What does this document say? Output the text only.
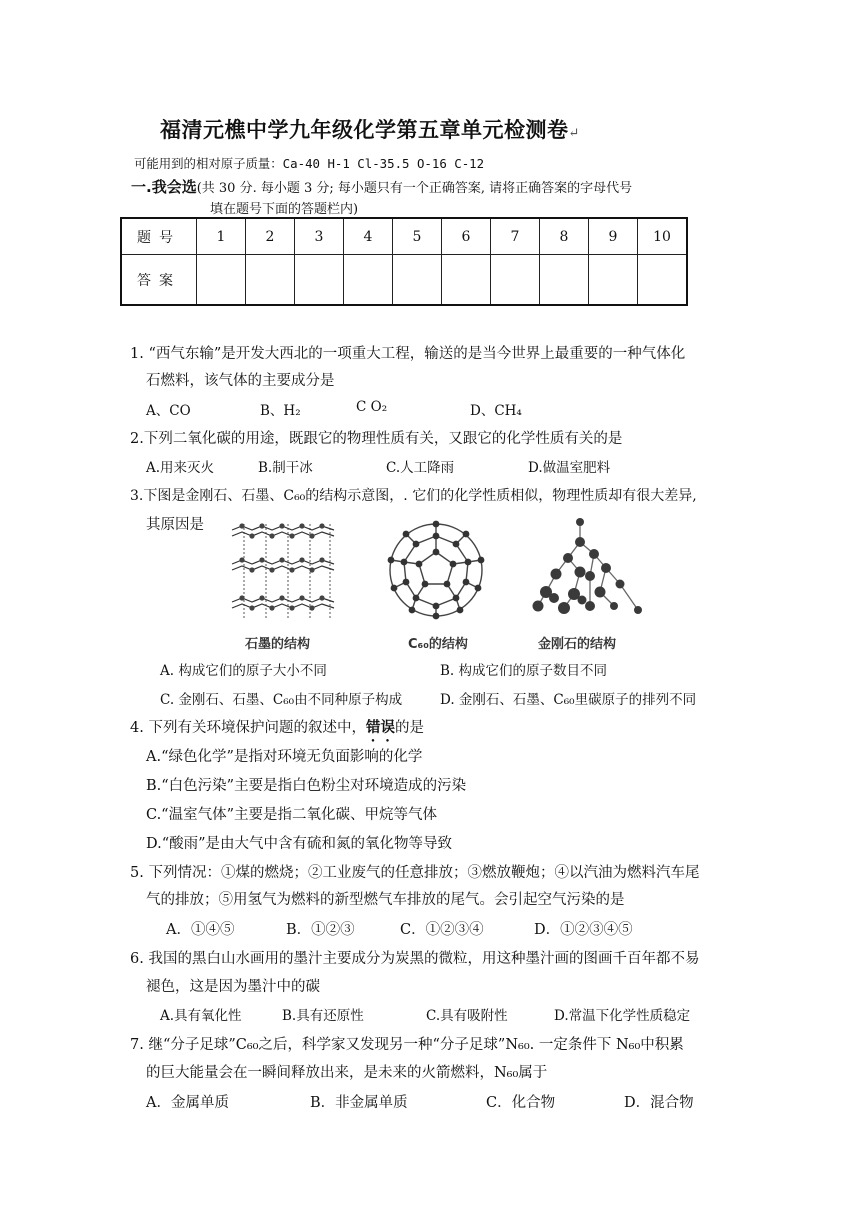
福清元樵中学九年级化学第五章单元检测卷↵
可能用到的相对原子质量：Ca-40 H-1 Cl-35.5 O-16 C-12
一.我会选(共 30 分. 每小题 3 分; 每小题只有一个正确答案, 请将正确答案的字母代号
填在题号下面的答题栏内)
题号	1	2	3	4	5	6	7	8	9	10
答案										
1. “西气东输”是开发大西北的一项重大工程，输送的是当今世界上最重要的一种气体化
石燃料，该气体的主要成分是
A、CO	B、H₂	C O₂	D、CH₄
2.下列二氧化碳的用途，既跟它的物理性质有关，又跟它的化学性质有关的是
A.用来灭火	B.制干冰	C.人工降雨	D.做温室肥料
3.下图是金刚石、石墨、C₆₀的结构示意图，. 它们的化学性质相似，物理性质却有很大差异,
其原因是
石墨的结构	C₆₀的结构	金刚石的结构
A. 构成它们的原子大小不同	B. 构成它们的原子数目不同
C. 金刚石、石墨、C₆₀由不同种原子构成	D. 金刚石、石墨、C₆₀里碳原子的排列不同
4. 下列有关环境保护问题的叙述中，错误的是
A.“绿色化学”是指对环境无负面影响的化学
B.“白色污染”主要是指白色粉尘对环境造成的污染
C.“温室气体”主要是指二氧化碳、甲烷等气体
D.“酸雨”是由大气中含有硫和氮的氧化物等导致
5. 下列情况：①煤的燃烧；②工业废气的任意排放；③燃放鞭炮；④以汽油为燃料汽车尾
气的排放；⑤用氢气为燃料的新型燃气车排放的尾气。会引起空气污染的是
A．①④⑤	B．①②③	C．①②③④	D．①②③④⑤
6. 我国的黑白山水画用的墨汁主要成分为炭黑的微粒，用这种墨汁画的图画千百年都不易
褪色，这是因为墨汁中的碳
A.具有氧化性	B.具有还原性	C.具有吸附性	D.常温下化学性质稳定
7. 继“分子足球”C₆₀之后，科学家又发现另一种“分子足球”N₆₀. 一定条件下 N₆₀中积累
的巨大能量会在一瞬间释放出来，是未来的火箭燃料，N₆₀属于
A．金属单质	B．非金属单质	C．化合物	D．混合物
